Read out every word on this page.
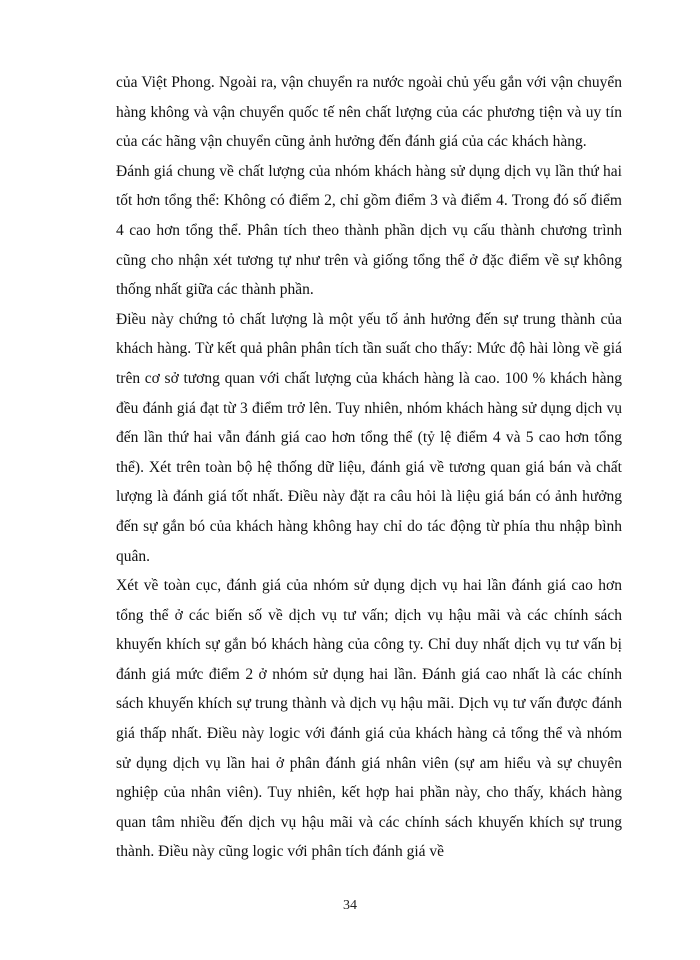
của Việt Phong. Ngoài ra, vận chuyển ra nước ngoài chủ yếu gắn với vận chuyển hàng không và vận chuyển quốc tế nên chất lượng của các phương tiện và uy tín của các hãng vận chuyển cũng ảnh hưởng đến đánh giá của các khách hàng.

Đánh giá chung về chất lượng của nhóm khách hàng sử dụng dịch vụ lần thứ hai tốt hơn tổng thể: Không có điểm 2, chỉ gồm điểm 3 và điểm 4. Trong đó số điểm 4 cao hơn tổng thể. Phân tích theo thành phần dịch vụ cấu thành chương trình cũng cho nhận xét tương tự như trên và giống tổng thể ở đặc điểm về sự không thống nhất giữa các thành phần.

Điều này chứng tỏ chất lượng là một yếu tố ảnh hưởng đến sự trung thành của khách hàng. Từ kết quả phân phân tích tần suất cho thấy: Mức độ hài lòng về giá trên cơ sở tương quan với chất lượng của khách hàng là cao. 100 % khách hàng đều đánh giá đạt từ 3 điểm trở lên. Tuy nhiên, nhóm khách hàng sử dụng dịch vụ đến lần thứ hai vẫn đánh giá cao hơn tổng thể (tỷ lệ điểm 4 và 5 cao hơn tổng thể). Xét trên toàn bộ hệ thống dữ liệu, đánh giá về tương quan giá bán và chất lượng là đánh giá tốt nhất. Điều này đặt ra câu hỏi là liệu giá bán có ảnh hưởng đến sự gắn bó của khách hàng không hay chỉ do tác động từ phía thu nhập bình quân.

Xét về toàn cục, đánh giá của nhóm sử dụng dịch vụ hai lần đánh giá cao hơn tổng thể ở các biến số về dịch vụ tư vấn; dịch vụ hậu mãi và các chính sách khuyến khích sự gắn bó khách hàng của công ty. Chỉ duy nhất dịch vụ tư vấn bị đánh giá mức điểm 2 ở nhóm sử dụng hai lần. Đánh giá cao nhất là các chính sách khuyến khích sự trung thành và dịch vụ hậu mãi. Dịch vụ tư vấn được đánh giá thấp nhất. Điều này logic với đánh giá của khách hàng cả tổng thể và nhóm sử dụng dịch vụ lần hai ở phân đánh giá nhân viên (sự am hiểu và sự chuyên nghiệp của nhân viên). Tuy nhiên, kết hợp hai phần này, cho thấy, khách hàng quan tâm nhiều đến dịch vụ hậu mãi và các chính sách khuyến khích sự trung thành. Điều này cũng logic với phân tích đánh giá về

34
